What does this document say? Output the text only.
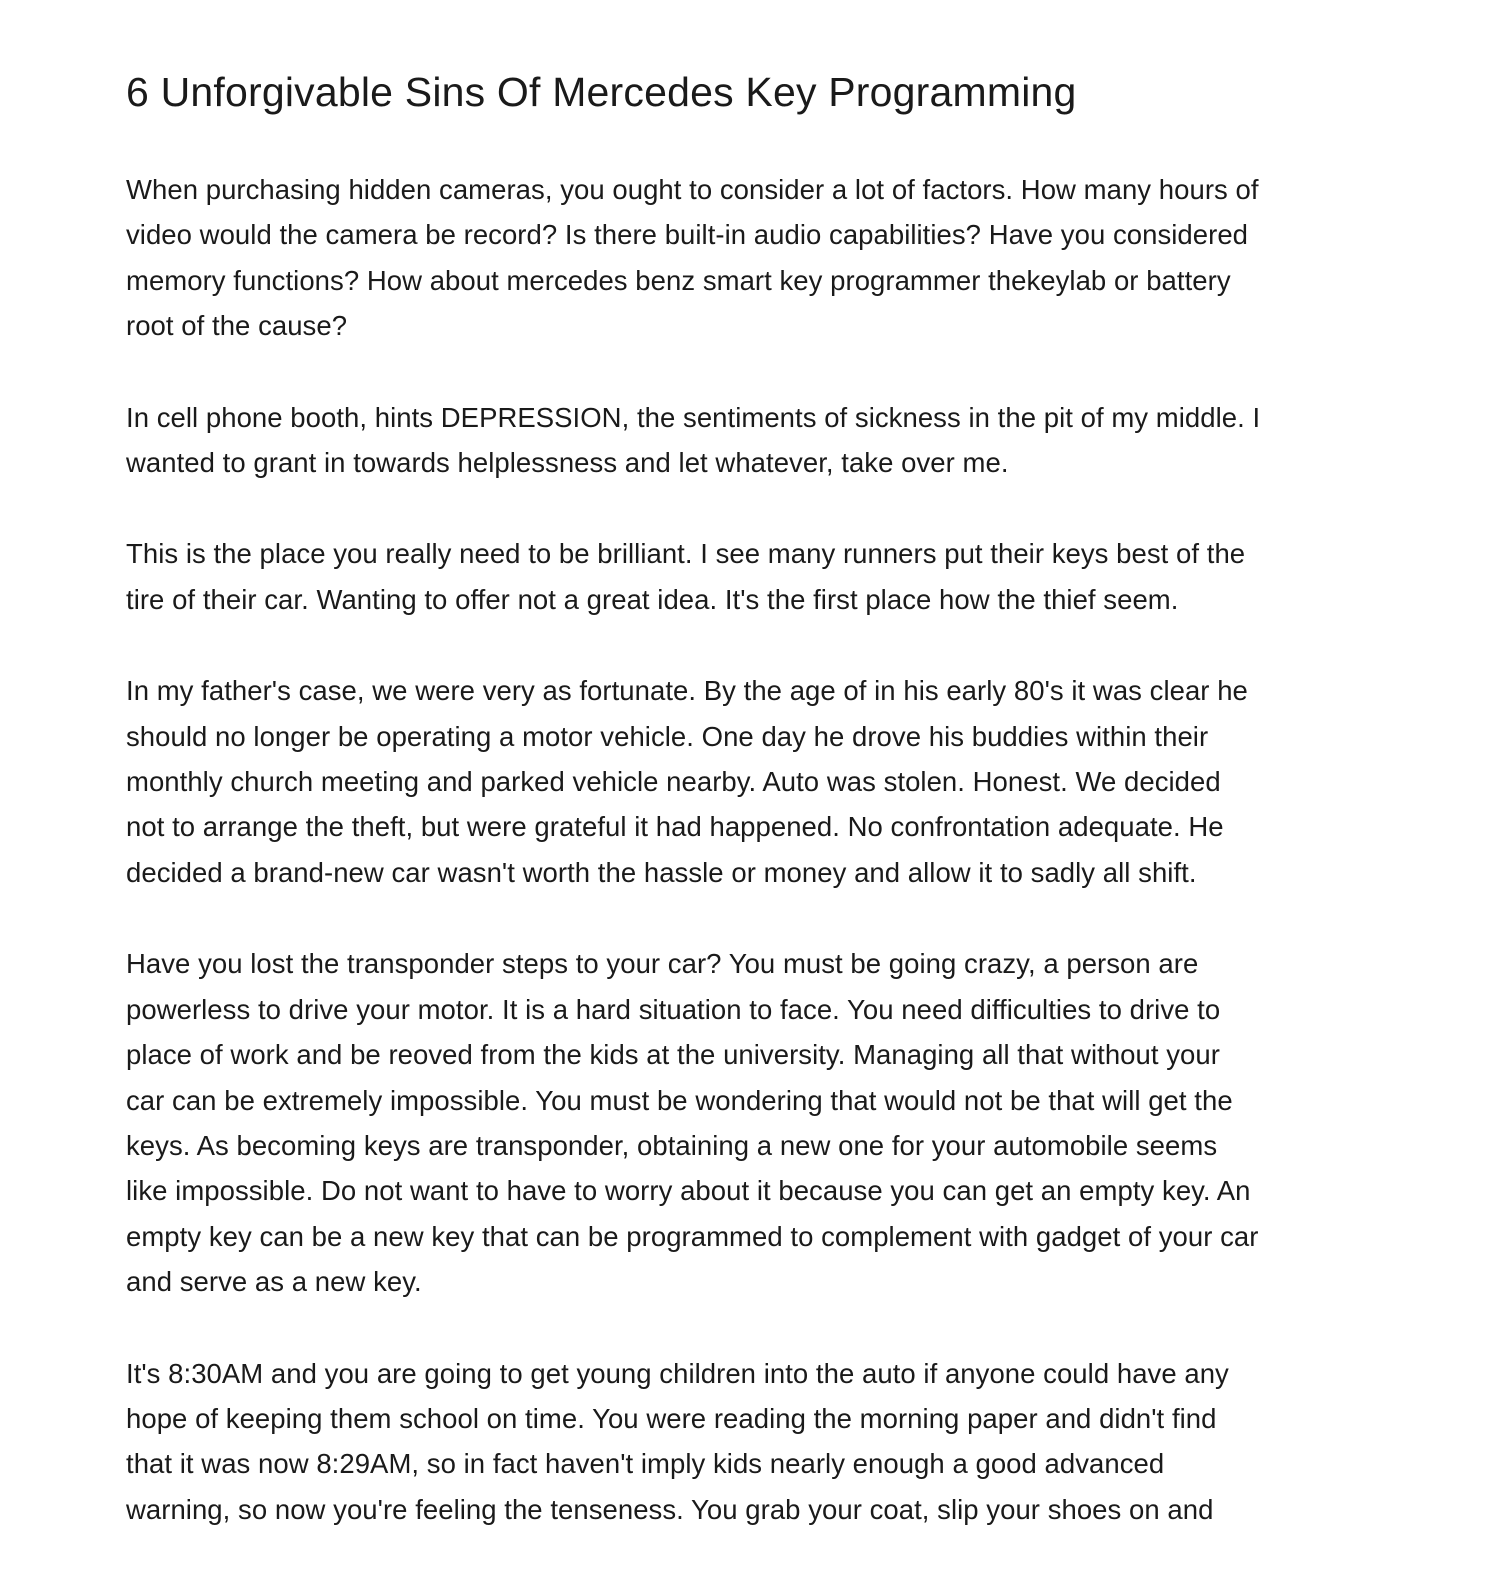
6 Unforgivable Sins Of Mercedes Key Programming

When purchasing hidden cameras, you ought to consider a lot of factors. How many hours of
video would the camera be record? Is there built-in audio capabilities? Have you considered
memory functions? How about mercedes benz smart key programmer thekeylab or battery
root of the cause?

In cell phone booth, hints DEPRESSION, the sentiments of sickness in the pit of my middle. I
wanted to grant in towards helplessness and let whatever, take over me.

This is the place you really need to be brilliant. I see many runners put their keys best of the
tire of their car. Wanting to offer not a great idea. It's the first place how the thief seem.

In my father's case, we were very as fortunate. By the age of in his early 80's it was clear he
should no longer be operating a motor vehicle. One day he drove his buddies within their
monthly church meeting and parked vehicle nearby. Auto was stolen. Honest. We decided
not to arrange the theft, but were grateful it had happened. No confrontation adequate. He
decided a brand-new car wasn't worth the hassle or money and allow it to sadly all shift.

Have you lost the transponder steps to your car? You must be going crazy, a person are
powerless to drive your motor. It is a hard situation to face. You need difficulties to drive to
place of work and be reoved from the kids at the university. Managing all that without your
car can be extremely impossible. You must be wondering that would not be that will get the
keys. As becoming keys are transponder, obtaining a new one for your automobile seems
like impossible. Do not want to have to worry about it because you can get an empty key. An
empty key can be a new key that can be programmed to complement with gadget of your car
and serve as a new key.

It's 8:30AM and you are going to get young children into the auto if anyone could have any
hope of keeping them school on time. You were reading the morning paper and didn't find
that it was now 8:29AM, so in fact haven't imply kids nearly enough a good advanced
warning, so now you're feeling the tenseness. You grab your coat, slip your shoes on and
